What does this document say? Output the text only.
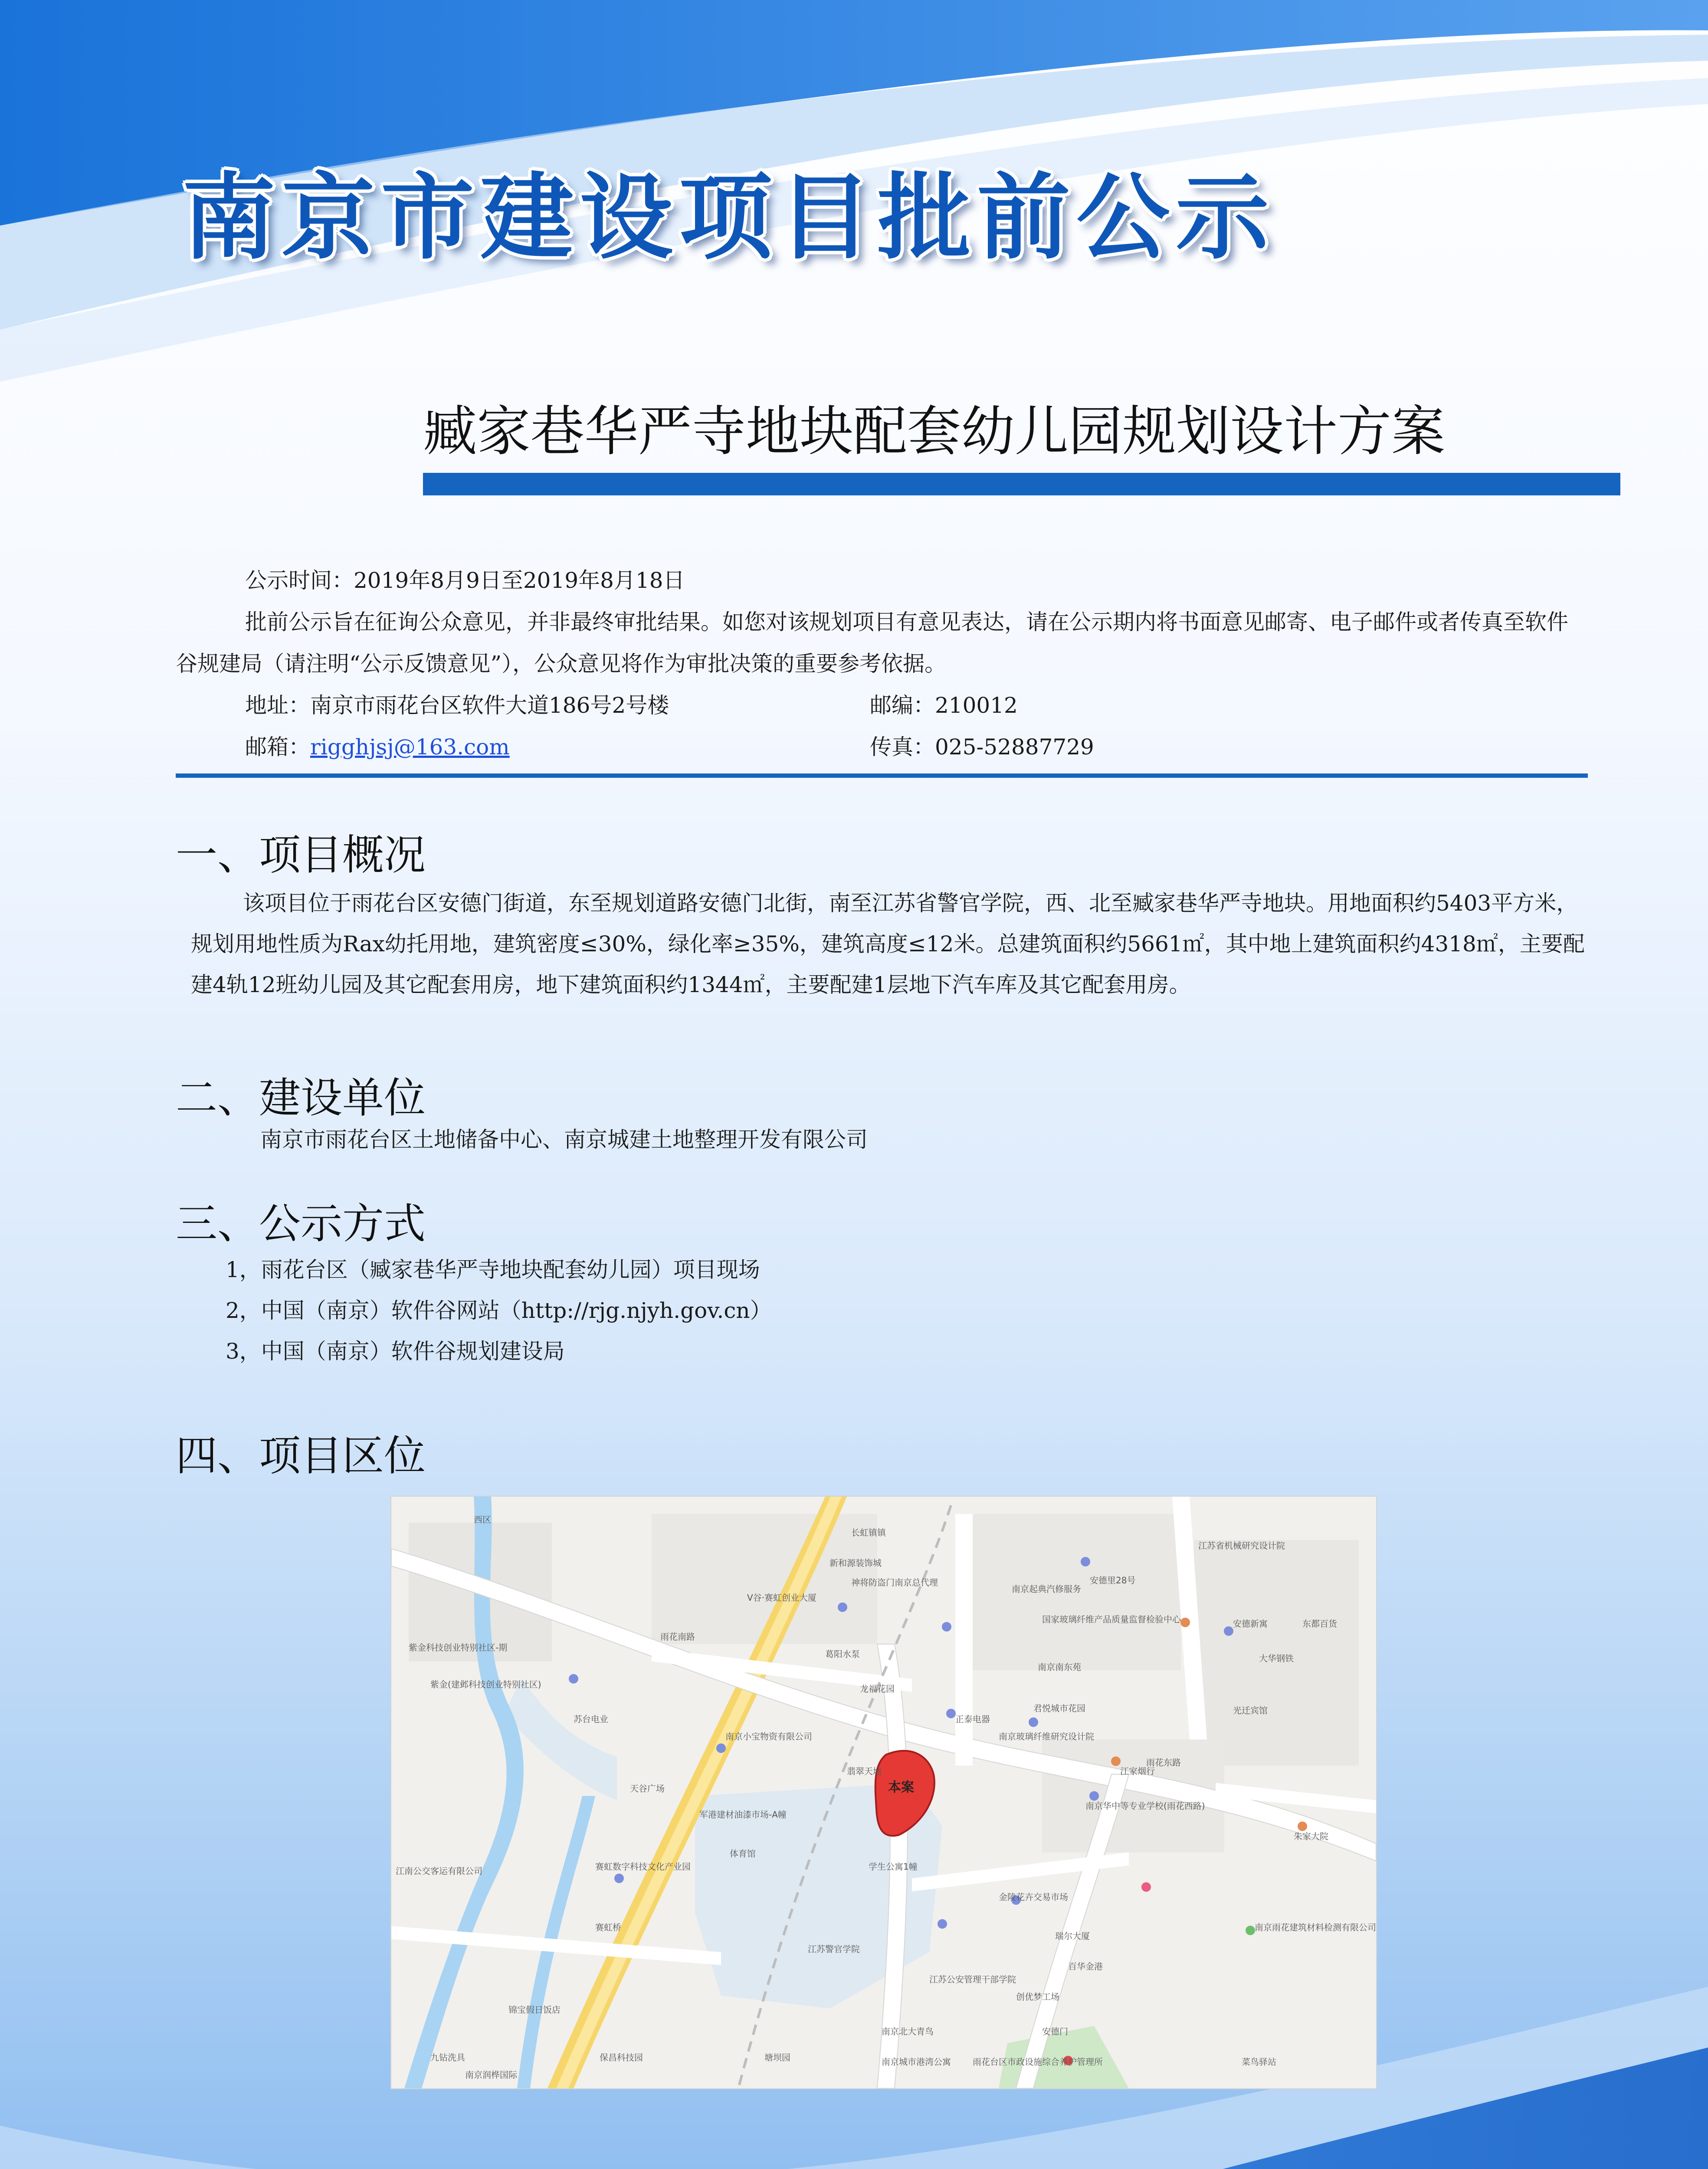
南京市建设项目批前公示
臧家巷华严寺地块配套幼儿园规划设计方案

公示时间：2019年8月9日至2019年8月18日

批前公示旨在征询公众意见，并非最终审批结果。如您对该规划项目有意见表达，请在公示期内将书面意见邮寄、电子邮件或者传真至软件谷规建局（请注明“公示反馈意见”），公众意见将作为审批决策的重要参考依据。

地址：南京市雨花台区软件大道186号2号楼	邮编：210012
邮箱：rigghjsj@163.com	传真：025-52887729
一、项目概况

该项目位于雨花台区安德门街道，东至规划道路安德门北街，南至江苏省警官学院，西、北至臧家巷华严寺地块。用地面积约5403平方米，规划用地性质为Rax幼托用地，建筑密度≤30%，绿化率≥35%，建筑高度≤12米。总建筑面积约5661㎡，其中地上建筑面积约4318㎡，主要配建4轨12班幼儿园及其它配套用房，地下建筑面积约1344㎡，主要配建1层地下汽车库及其它配套用房。

二、建设单位
南京市雨花台区土地储备中心、南京城建土地整理开发有限公司
三、公示方式

1，雨花台区（臧家巷华严寺地块配套幼儿园）项目现场

2，中国（南京）软件谷网站（http://rjg.njyh.gov.cn）

3，中国（南京）软件谷规划建设局

四、项目区位
西区
紫金科技创业特别社区-期
紫金(建邺科技创业特别社区)
苏台电业
南京小宝物资有限公司
天谷广场
军港建材油漆市场-A幢
体育馆
赛虹数字科技文化产业园
锦宝假日饭店
九钻洗具
南京润桦国际
保昌科技园
江苏警官学院
学生公寓1幢
南京北大青鸟
长虹镇镇
神将防盗门南京总代理
葛阳水泵
龙福花园
正泰电器
南京玻璃纤维研究设计院
君悦城市花园
安德新寓
南京华中等专业学校(雨花西路)
金陵花卉交易市场
瑞尔大厦
百华金港
创优梦工场
安德门
南京雨花建筑材料检测有限公司
东都百货
大华钢铁
朱家大院
江苏省机械研究设计院
国家玻璃纤维产品质量监督检验中心
雨花东路
雨花南路
江苏公安管理干部学院
南京城市港湾公寓	雨花台区市政设施综合养护管理所
南京起典汽修服务
安德里28号
翡翠天地
江南公交客运有限公司
菜鸟驿站
塘坝园
新和源装饰城
V谷·赛虹创业大厦
赛虹桥
南京南东苑
光迁宾馆
江家烟行
本案
